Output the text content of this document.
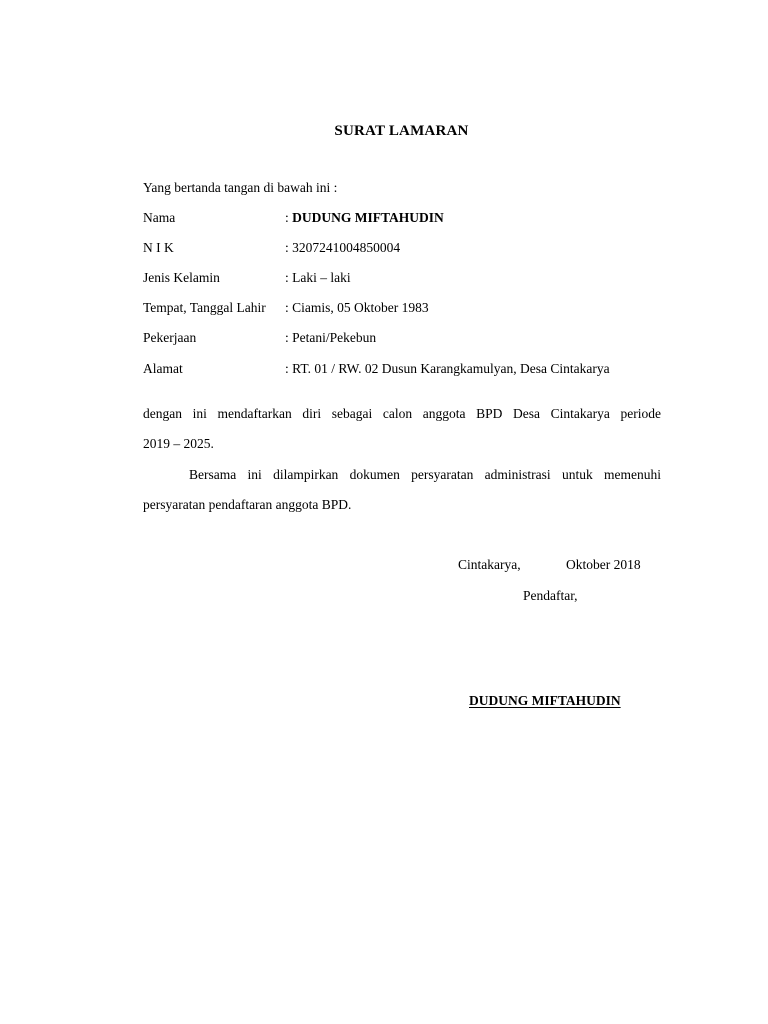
SURAT LAMARAN
Yang bertanda tangan di bawah ini :
Nama	: DUDUNG MIFTAHUDIN
N I K	: 3207241004850004
Jenis Kelamin	: Laki – laki
Tempat, Tanggal Lahir : Ciamis, 05 Oktober 1983
Pekerjaan	: Petani/Pekebun
Alamat	: RT. 01 / RW. 02 Dusun Karangkamulyan, Desa Cintakarya
dengan ini mendaftarkan diri sebagai calon anggota BPD Desa Cintakarya periode
2019 – 2025.
Bersama ini dilampirkan dokumen persyaratan administrasi untuk memenuhi
persyaratan pendaftaran anggota BPD.
Cintakarya,	Oktober 2018
Pendaftar,
DUDUNG MIFTAHUDIN
